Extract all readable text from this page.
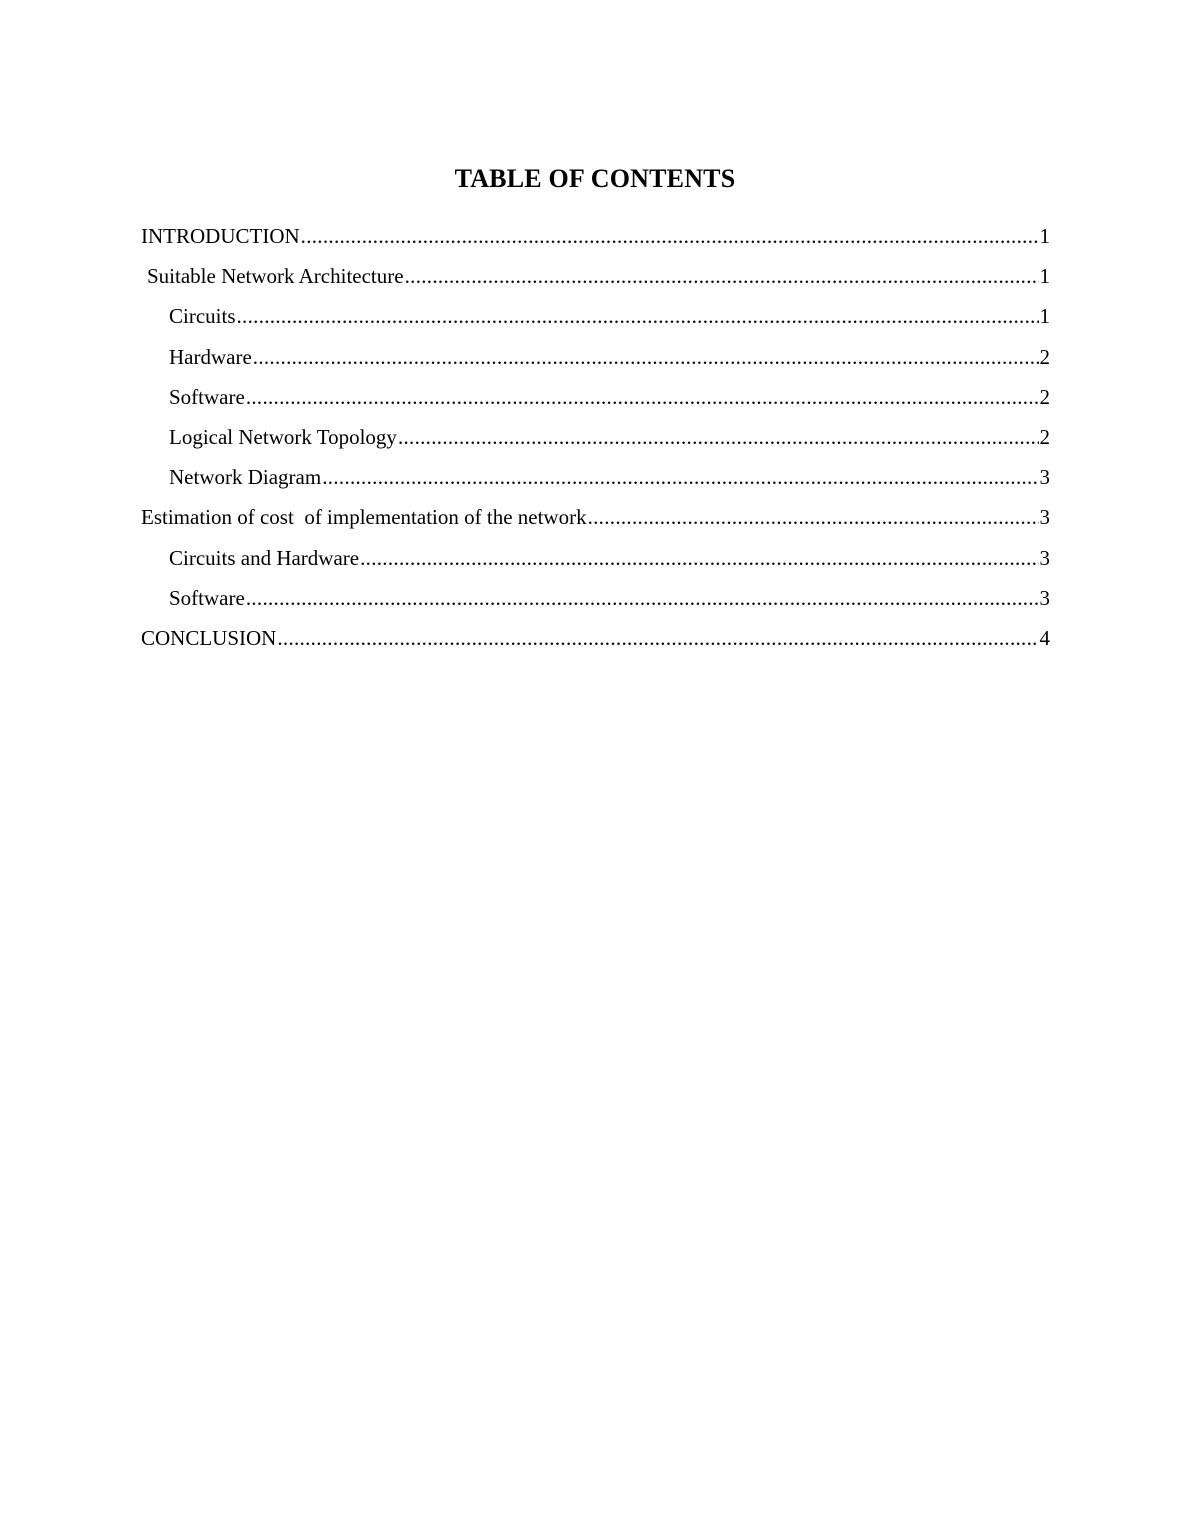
TABLE OF CONTENTS
INTRODUCTION .....	1
Suitable Network Architecture .....	1
Circuits .....	1
Hardware .....	2
Software .....	2
Logical Network Topology .....	2
Network Diagram .....	3
Estimation of cost  of implementation of the network .....	3
Circuits and Hardware .....	3
Software .....	3
CONCLUSION .....	4
